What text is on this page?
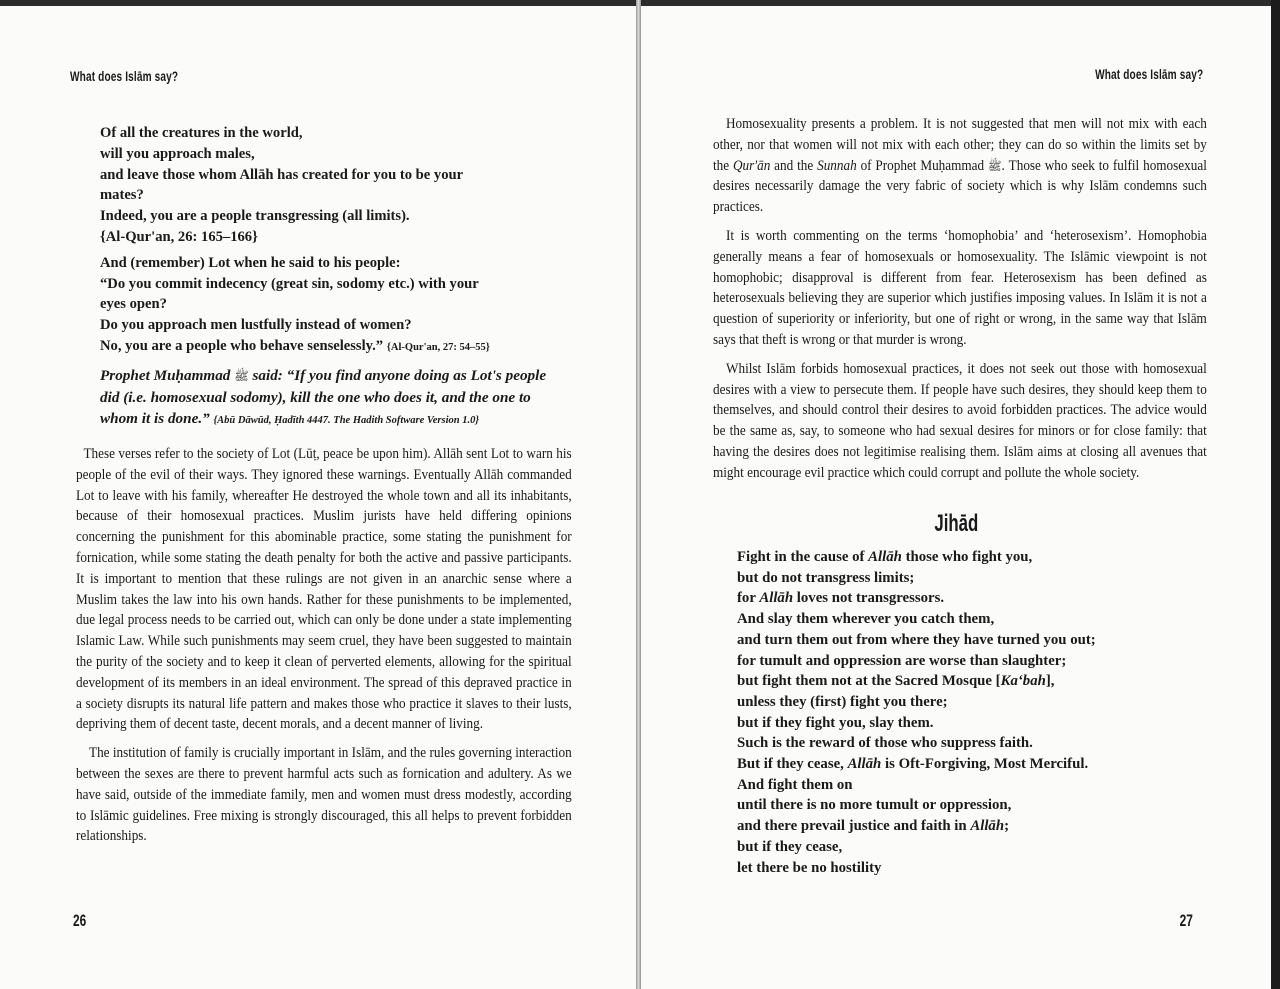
What does Islām say?
Of all the creatures in the world,
will you approach males,
and leave those whom Allāh has created for you to be your
mates?
Indeed, you are a people transgressing (all limits).
{Al-Qur'an, 26: 165–166}
And (remember) Lot when he said to his people:
“Do you commit indecency (great sin, sodomy etc.) with your
eyes open?
Do you approach men lustfully instead of women?
No, you are a people who behave senselessly.” {Al-Qur'an, 27: 54–55}
Prophet Muḥammad ﷺ said: “If you find anyone doing as Lot's people did (i.e. homosexual sodomy), kill the one who does it, and the one to whom it is done.” {Abū Dāwūd, Ḥadīth 4447. The Hadith Software Version 1.0}

These verses refer to the society of Lot (Lūṭ, peace be upon him). Allāh sent Lot to warn his people of the evil of their ways. They ignored these warnings. Eventually Allāh commanded Lot to leave with his family, whereafter He destroyed the whole town and all its inhabitants, because of their homosexual practices. Muslim jurists have held differing opinions concerning the punishment for this abominable practice, some stating the punishment for fornication, while some stating the death penalty for both the active and passive participants. It is important to mention that these rulings are not given in an anarchic sense where a Muslim takes the law into his own hands. Rather for these punishments to be implemented, due legal process needs to be carried out, which can only be done under a state implementing Islamic Law. While such punishments may seem cruel, they have been suggested to maintain the purity of the society and to keep it clean of perverted elements, allowing for the spiritual development of its members in an ideal environment. The spread of this depraved practice in a society disrupts its natural life pattern and makes those who practice it slaves to their lusts, depriving them of decent taste, decent morals, and a decent manner of living.

The institution of family is crucially important in Islām, and the rules governing interaction between the sexes are there to prevent harmful acts such as fornication and adultery. As we have said, outside of the immediate family, men and women must dress modestly, according to Islāmic guidelines. Free mixing is strongly discouraged, this all helps to prevent forbidden relationships.

26
What does Islām say?

Homosexuality presents a problem. It is not suggested that men will not mix with each other, nor that women will not mix with each other; they can do so within the limits set by the Qur'ān and the Sunnah of Prophet Muḥammad ﷺ. Those who seek to fulfil homosexual desires necessarily damage the very fabric of society which is why Islām condemns such practices.

It is worth commenting on the terms ‘homophobia’ and ‘heterosexism’. Homophobia generally means a fear of homosexuals or homosexuality. The Islāmic viewpoint is not homophobic; disapproval is different from fear. Heterosexism has been defined as heterosexuals believing they are superior which justifies imposing values. In Islām it is not a question of superiority or inferiority, but one of right or wrong, in the same way that Islām says that theft is wrong or that murder is wrong.

Whilst Islām forbids homosexual practices, it does not seek out those with homosexual desires with a view to persecute them. If people have such desires, they should keep them to themselves, and should control their desires to avoid forbidden practices. The advice would be the same as, say, to someone who had sexual desires for minors or for close family: that having the desires does not legitimise realising them. Islām aims at closing all avenues that might encourage evil practice which could corrupt and pollute the whole society.

Jihād
Fight in the cause of Allāh those who fight you,
but do not transgress limits;
for Allāh loves not transgressors.
And slay them wherever you catch them,
and turn them out from where they have turned you out;
for tumult and oppression are worse than slaughter;
but fight them not at the Sacred Mosque [Ka‘bah],
unless they (first) fight you there;
but if they fight you, slay them.
Such is the reward of those who suppress faith.
But if they cease, Allāh is Oft-Forgiving, Most Merciful.
And fight them on
until there is no more tumult or oppression,
and there prevail justice and faith in Allāh;
but if they cease,
let there be no hostility
27
